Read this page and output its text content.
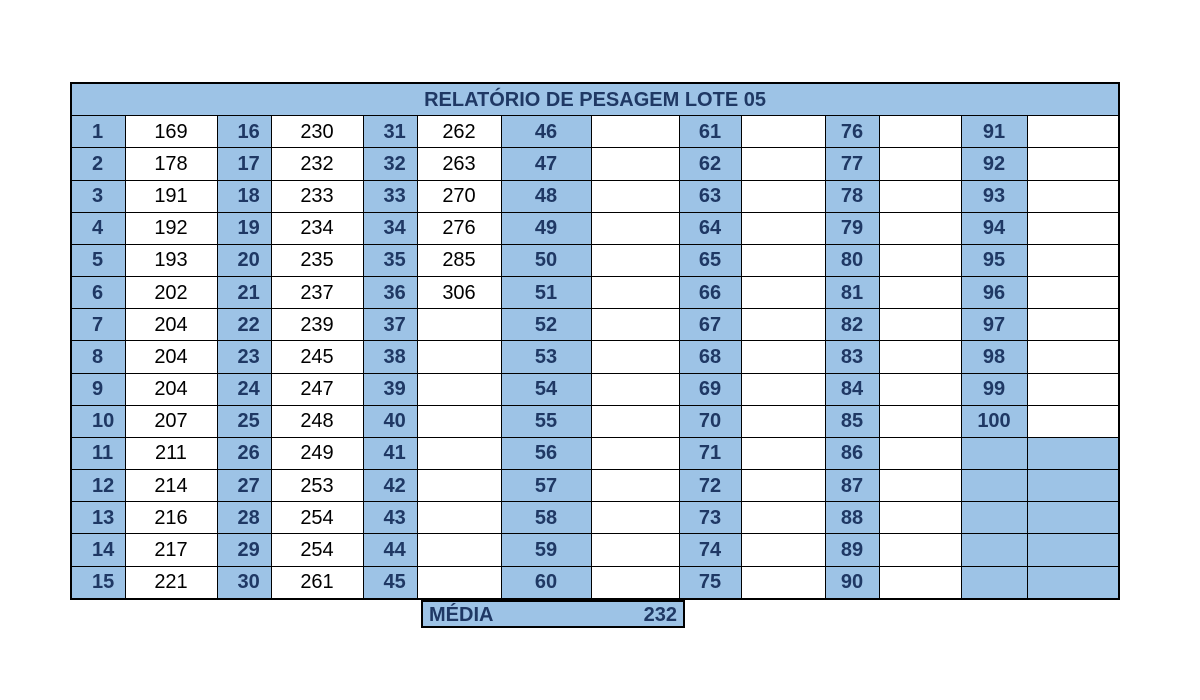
RELATÓRIO DE PESAGEM LOTE 05													
1	169	16	230	31	262	46		61		76		91	
2	178	17	232	32	263	47		62		77		92	
3	191	18	233	33	270	48		63		78		93	
4	192	19	234	34	276	49		64		79		94	
5	193	20	235	35	285	50		65		80		95	
6	202	21	237	36	306	51		66		81		96	
7	204	22	239	37		52		67		82		97	
8	204	23	245	38		53		68		83		98	
9	204	24	247	39		54		69		84		99	
10	207	25	248	40		55		70		85		100	
11	211	26	249	41		56		71		86			
12	214	27	253	42		57		72		87			
13	216	28	254	43		58		73		88			
14	217	29	254	44		59		74		89			
15	221	30	261	45		60		75		90			
MÉDIA	232
